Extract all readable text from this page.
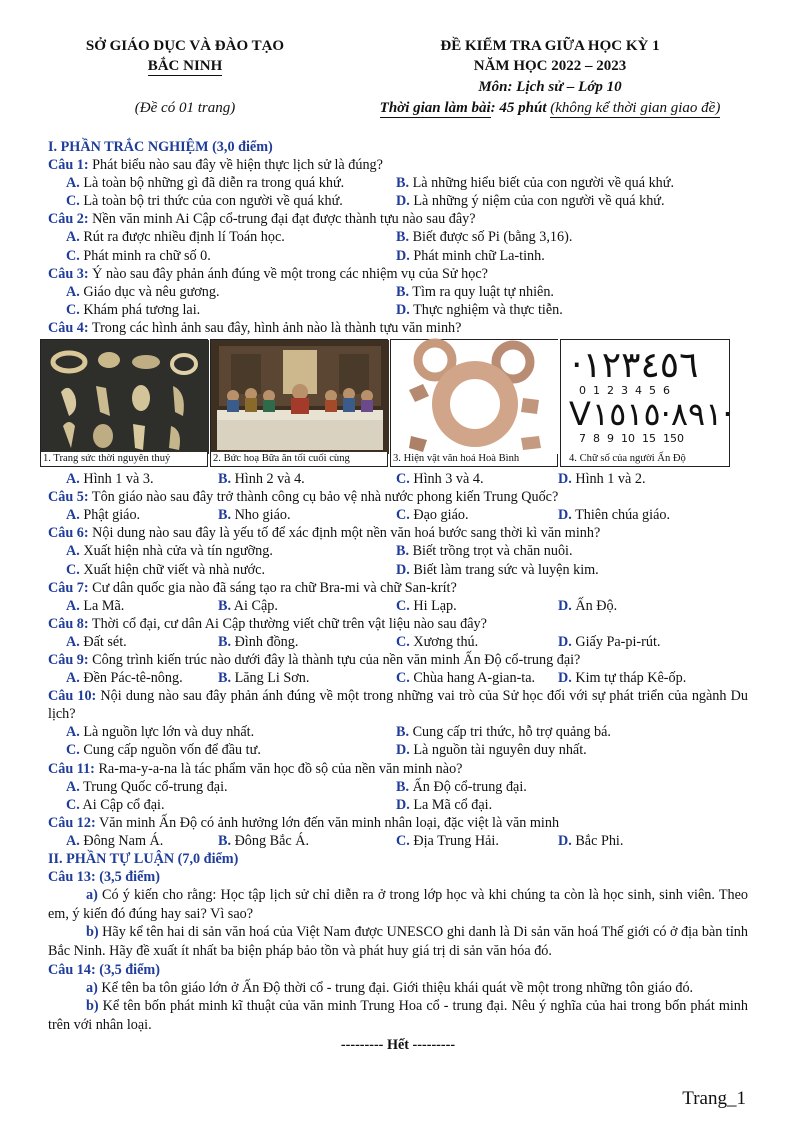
SỞ GIÁO DỤC VÀ ĐÀO TẠO
BẮC NINH
(Đề có 01 trang)
ĐỀ KIỂM TRA GIỮA HỌC KỲ 1
NĂM HỌC 2022 – 2023
Môn: Lịch sử – Lớp 10
Thời gian làm bài: 45 phút (không kể thời gian giao đề)
I. PHẦN TRẮC NGHIỆM (3,0 điểm)
Câu 1: Phát biểu nào sau đây về hiện thực lịch sử là đúng?
A. Là toàn bộ những gì đã diễn ra trong quá khứ.	B. Là những hiểu biết của con người về quá khứ.
C. Là toàn bộ tri thức của con người về quá khứ.	D. Là những ý niệm của con người về quá khứ.
Câu 2: Nền văn minh Ai Cập cổ-trung đại đạt được thành tựu nào sau đây?
A. Rút ra được nhiều định lí Toán học.	B. Biết được số Pi (bằng 3,16).
C. Phát minh ra chữ số 0.	D. Phát minh chữ La-tinh.
Câu 3: Ý nào sau đây phản ánh đúng về một trong các nhiệm vụ của Sử học?
A. Giáo dục và nêu gương.	B. Tìm ra quy luật tự nhiên.
C. Khám phá tương lai.	D. Thực nghiệm và thực tiễn.
Câu 4: Trong các hình ảnh sau đây, hình ảnh nào là thành tựu văn minh?
1. Trang sức thời nguyên thuỷ	2. Bức hoạ Bữa ăn tối cuối cùng	3. Hiện vật văn hoá Hoà Bình
·١٢٣٤٥٦
0  1  2  3  4  5  6
V٨٩١·١٥١٥·
7  8  9  10  15  150
4. Chữ số của người Ấn Độ
A. Hình 1 và 3.	B. Hình 2 và 4.	C. Hình 3 và 4.	D. Hình 1 và 2.
Câu 5: Tôn giáo nào sau đây trở thành công cụ bảo vệ nhà nước phong kiến Trung Quốc?
A. Phật giáo.	B. Nho giáo.	C. Đạo giáo.	D. Thiên chúa giáo.
Câu 6: Nội dung nào sau đây là yếu tố để xác định một nền văn hoá bước sang thời kì văn minh?
A. Xuất hiện nhà cửa và tín ngưỡng.	B. Biết trồng trọt và chăn nuôi.
C. Xuất hiện chữ viết và nhà nước.	D. Biết làm trang sức và luyện kim.
Câu 7: Cư dân quốc gia nào đã sáng tạo ra chữ Bra-mi và chữ San-krít?
A. La Mã.	B. Ai Cập.	C. Hi Lạp.	D. Ấn Độ.
Câu 8: Thời cổ đại, cư dân Ai Cập thường viết chữ trên vật liệu nào sau đây?
A. Đất sét.	B. Đình đồng.	C. Xương thú.	D. Giấy Pa-pi-rút.
Câu 9: Công trình kiến trúc nào dưới đây là thành tựu của nền văn minh Ấn Độ cổ-trung đại?
A. Đền Pác-tê-nông. B. Lăng Li Sơn.	C. Chùa hang A-gian-ta. D. Kim tự tháp Kê-ốp.
Câu 10: Nội dung nào sau đây phản ánh đúng về một trong những vai trò của Sử học đối với sự phát triển của ngành Du lịch?
A. Là nguồn lực lớn và duy nhất.	B. Cung cấp tri thức, hỗ trợ quảng bá.
C. Cung cấp nguồn vốn để đầu tư.	D. Là nguồn tài nguyên duy nhất.
Câu 11: Ra-ma-y-a-na là tác phẩm văn học đồ sộ của nền văn minh nào?
A. Trung Quốc cổ-trung đại.	B. Ấn Độ cổ-trung đại.
C. Ai Cập cổ đại.	D. La Mã cổ đại.
Câu 12: Văn minh Ấn Độ có ảnh hưởng lớn đến văn minh nhân loại, đặc việt là văn minh
A. Đông Nam Á.	B. Đông Bắc Á.	C. Địa Trung Hải.	D. Bắc Phi.
II. PHẦN TỰ LUẬN (7,0 điểm)
Câu 13: (3,5 điểm)
a) Có ý kiến cho rằng: Học tập lịch sử chỉ diễn ra ở trong lớp học và khi chúng ta còn là học sinh, sinh viên. Theo em, ý kiến đó đúng hay sai? Vì sao?
b) Hãy kể tên hai di sản văn hoá của Việt Nam được UNESCO ghi danh là Di sản văn hoá Thế giới có ở địa bàn tỉnh Bắc Ninh. Hãy đề xuất ít nhất ba biện pháp bảo tồn và phát huy giá trị di sản văn hóa đó.
Câu 14: (3,5 điểm)
a) Kể tên ba tôn giáo lớn ở Ấn Độ thời cổ - trung đại. Giới thiệu khái quát về một trong những tôn giáo đó.
b) Kể tên bốn phát minh kĩ thuật của văn minh Trung Hoa cổ - trung đại. Nêu ý nghĩa của hai trong bốn phát minh trên với nhân loại.
--------- Hết ---------
Trang_1
